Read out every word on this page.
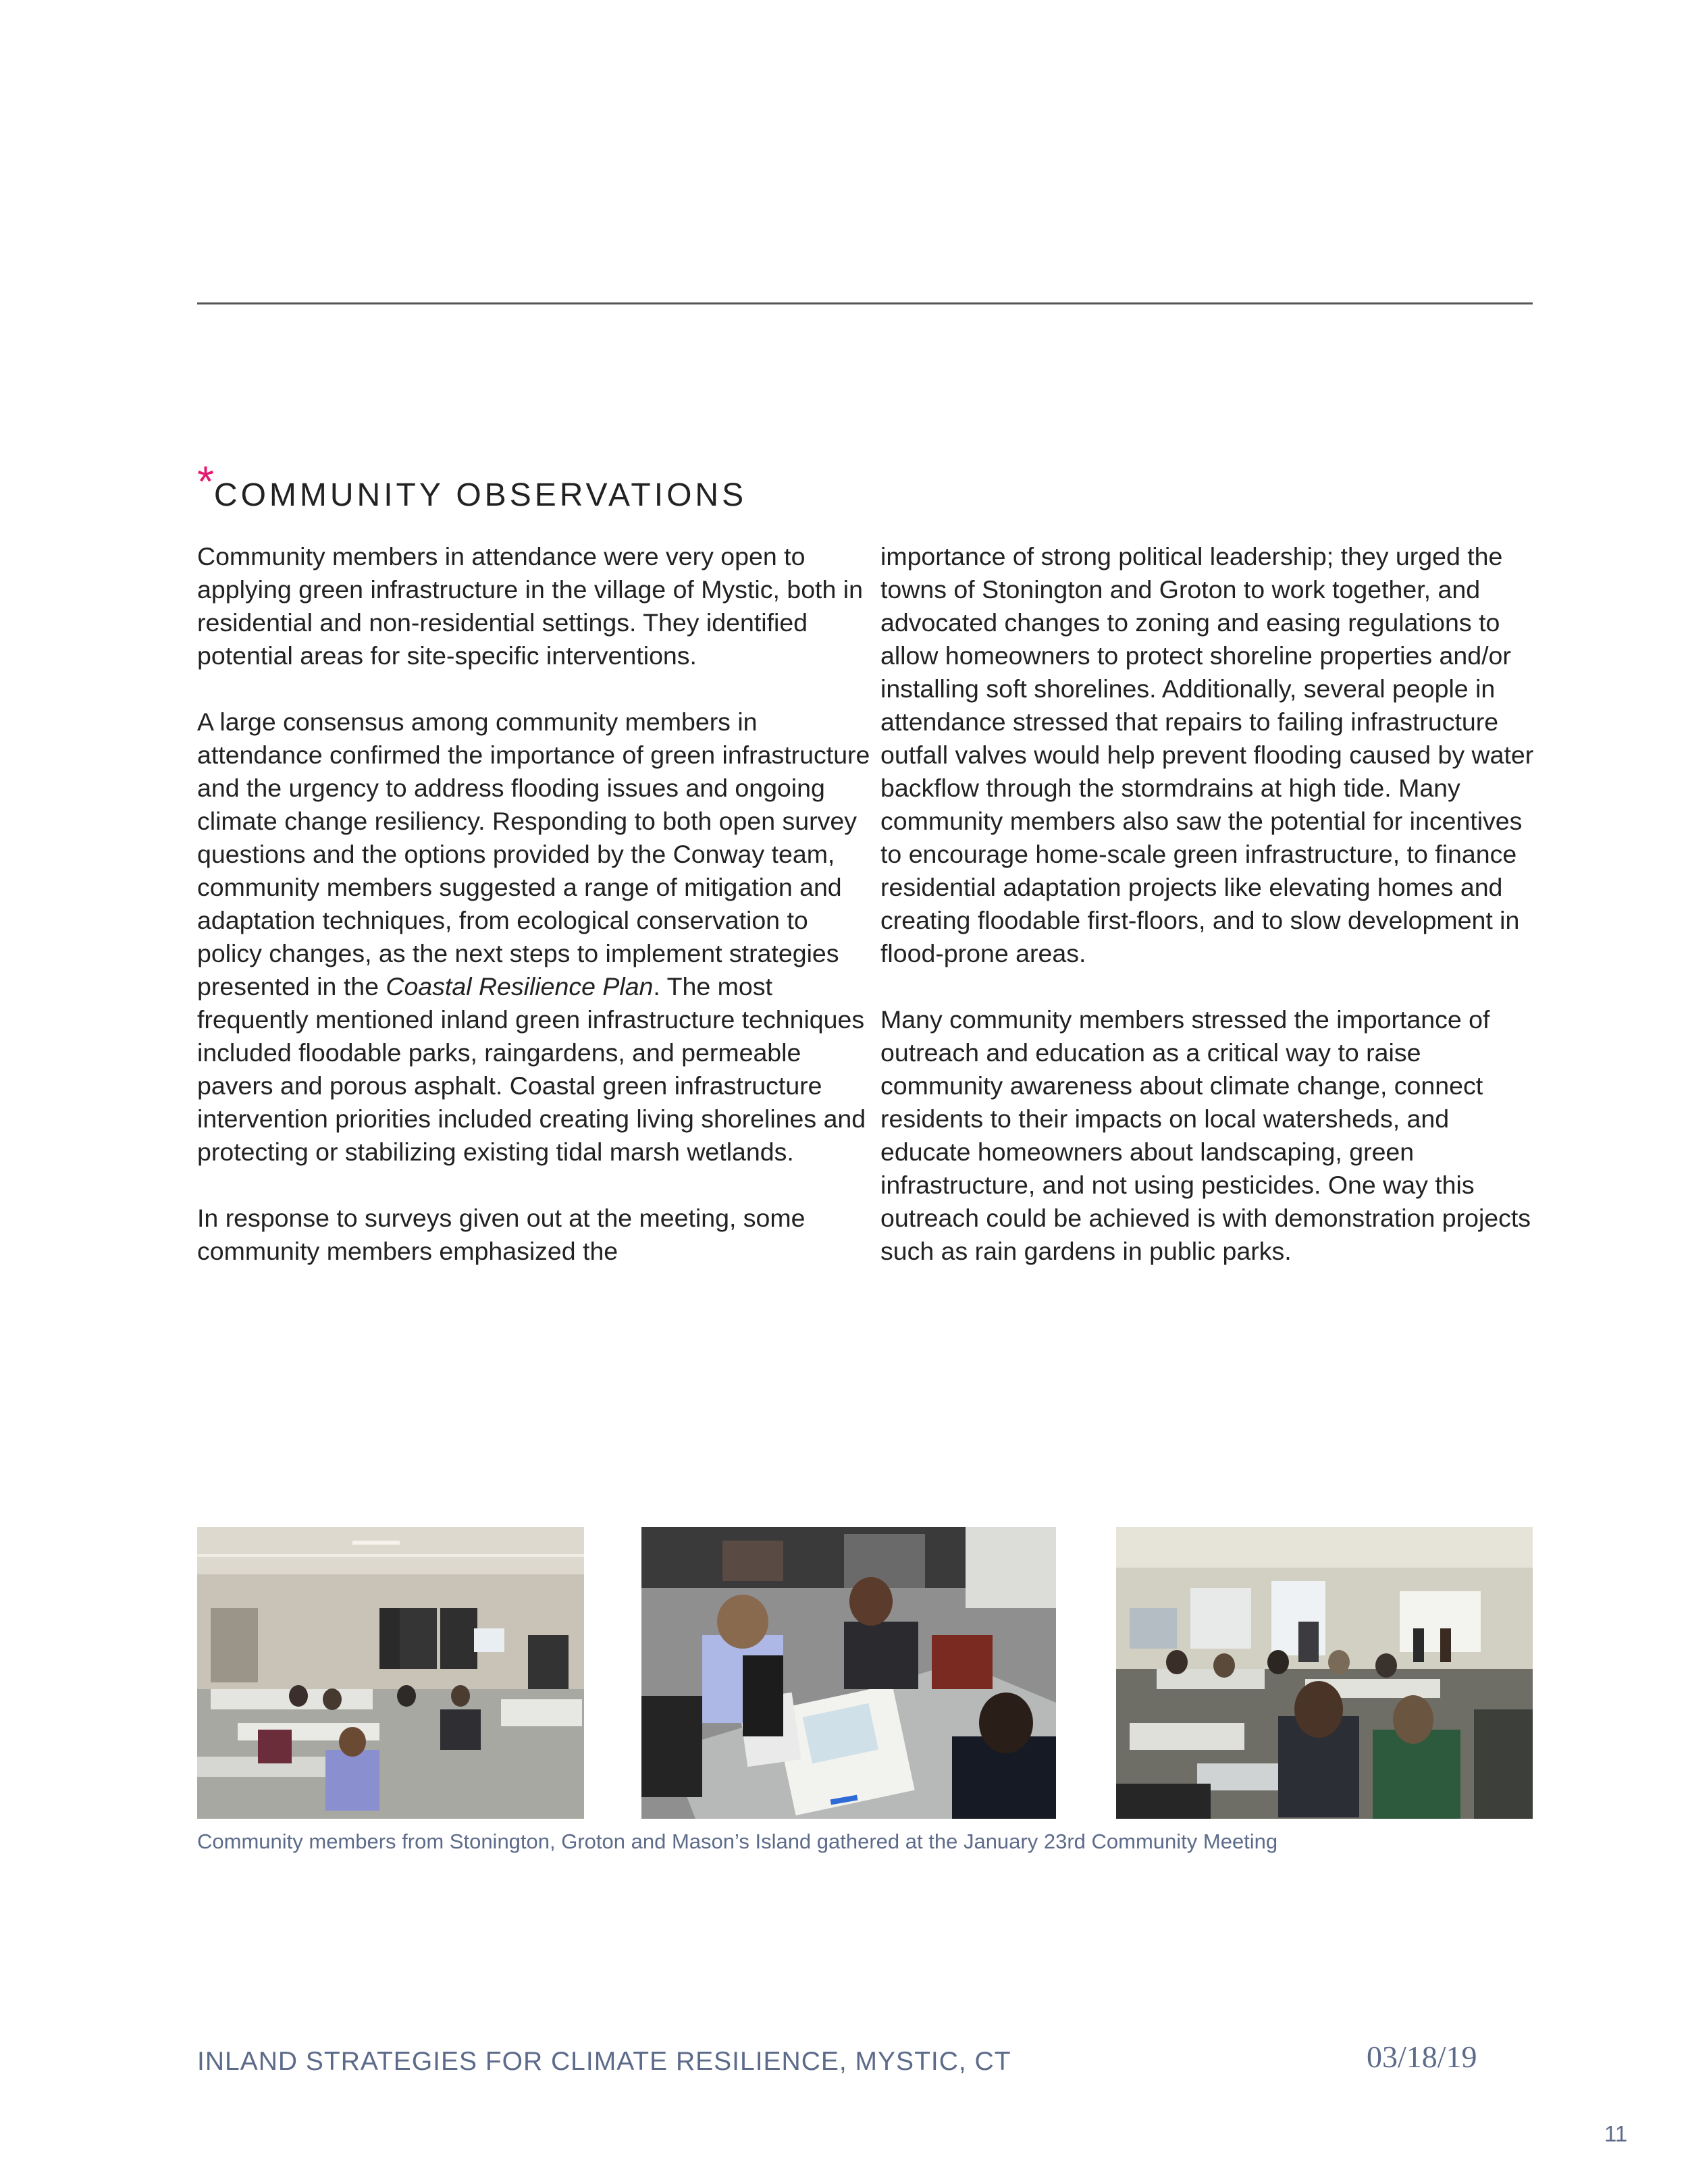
*COMMUNITY OBSERVATIONS

Community members in attendance were very open to applying green infrastructure in the village of Mystic, both in residential and non-residential settings. They identified potential areas for site-specific interventions.

A large consensus among community members in attendance confirmed the importance of green infrastructure and the urgency to address flooding issues and ongoing climate change resiliency. Responding to both open survey questions and the options provided by the Conway team, community members suggested a range of mitigation and adaptation techniques, from ecological conservation to policy changes, as the next steps to implement strategies presented in the Coastal Resilience Plan. The most frequently mentioned inland green infrastructure techniques included floodable parks, raingardens, and permeable pavers and porous asphalt. Coastal green infrastructure intervention priorities included creating living shorelines and protecting or stabilizing existing tidal marsh wetlands.

In response to surveys given out at the meeting, some community members emphasized the

importance of strong political leadership; they urged the towns of Stonington and Groton to work together, and advocated changes to zoning and easing regulations to allow homeowners to protect shoreline properties and/or installing soft shorelines. Additionally, several people in attendance stressed that repairs to failing infrastructure outfall valves would help prevent flooding caused by water backflow through the stormdrains at high tide. Many community members also saw the potential for incentives to encourage home-scale green infrastructure, to finance residential adaptation projects like elevating homes and creating floodable first-floors, and to slow development in flood-prone areas.

Many community members stressed the importance of outreach and education as a critical way to raise community awareness about climate change, connect residents to their impacts on local watersheds, and educate homeowners about landscaping, green infrastructure, and not using pesticides. One way this outreach could be achieved is with demonstration projects such as rain gardens in public parks.

Community members from Stonington, Groton and Mason’s Island gathered at the January 23rd Community Meeting
INLAND STRATEGIES FOR CLIMATE RESILIENCE, MYSTIC, CT	03/18/19
11
